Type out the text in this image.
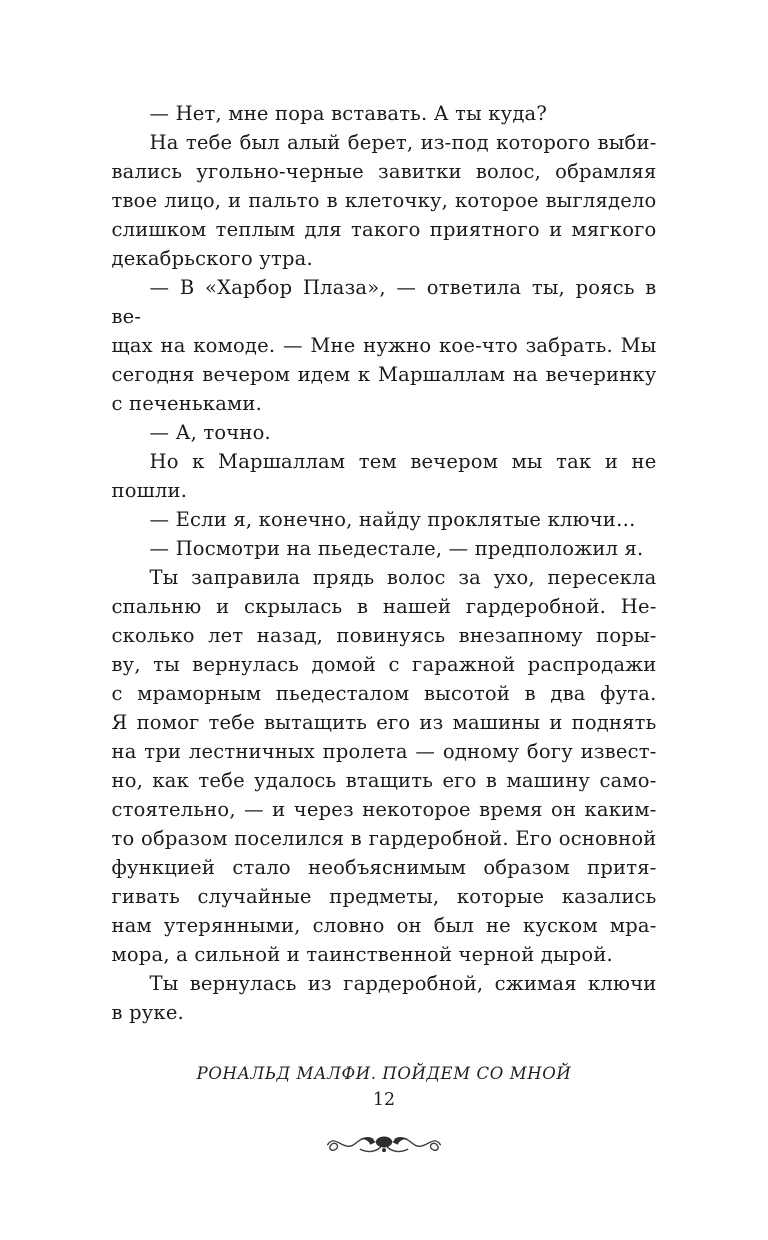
— Нет, мне пора вставать. А ты куда?
На тебе был алый берет, из-под которого выби-
вались угольно-черные завитки волос, обрамляя
твое лицо, и пальто в клеточку, которое выглядело
слишком теплым для такого приятного и мягкого
декабрьского утра.
— В «Харбор Плаза», — ответила ты, роясь в ве-
щах на комоде. — Мне нужно кое-что забрать. Мы
сегодня вечером идем к Маршаллам на вечеринку
с печеньками.
— А, точно.
Но к Маршаллам тем вечером мы так и не
пошли.
— Если я, конечно, найду проклятые ключи…
— Посмотри на пьедестале, — предположил я.
Ты заправила прядь волос за ухо, пересекла
спальню и скрылась в нашей гардеробной. Не-
сколько лет назад, повинуясь внезапному поры-
ву, ты вернулась домой с гаражной распродажи
с мраморным пьедесталом высотой в два фута.
Я помог тебе вытащить его из машины и поднять
на три лестничных пролета — одному богу извест-
но, как тебе удалось втащить его в машину само-
стоятельно, — и через некоторое время он каким-
то образом поселился в гардеробной. Его основной
функцией стало необъяснимым образом притя-
гивать случайные предметы, которые казались
нам утерянными, словно он был не куском мра-
мора, а сильной и таинственной черной дырой.
Ты вернулась из гардеробной, сжимая ключи
в руке.
РОНАЛЬД МАЛФИ. ПОЙДЕМ СО МНОЙ
12
